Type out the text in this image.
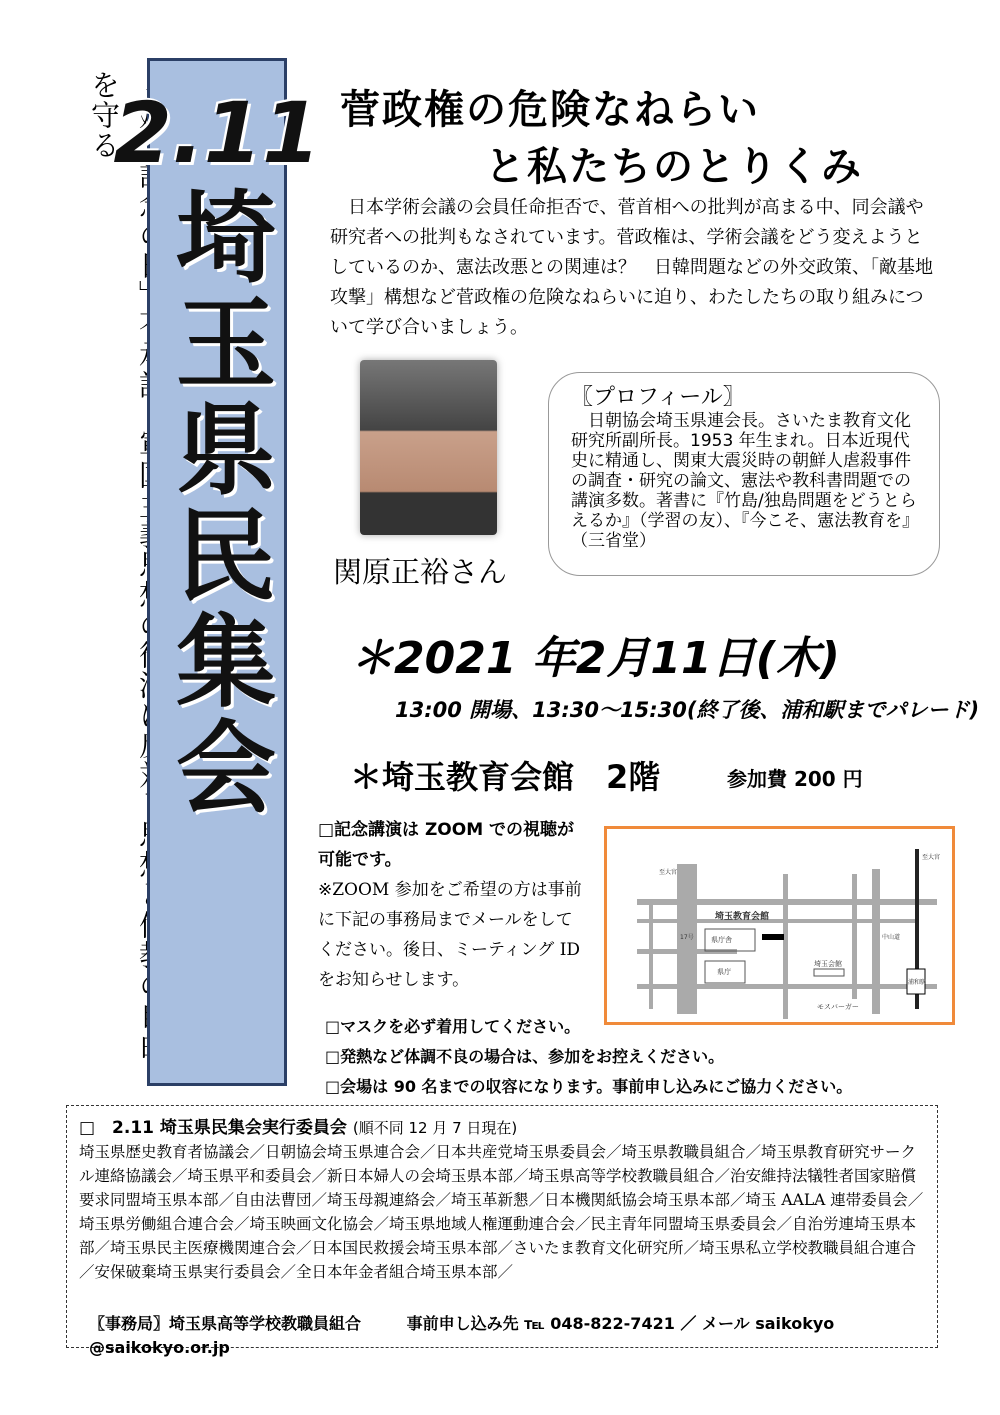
　を守る
2.11
埼玉県民集会
菅政権の危険なねらい
と私たちのとりくみ

日本学術会議の会員任命拒否で、菅首相への批判が高まる中、同会議や研究者への批判もなされています。菅政権は、学術会議をどう変えようとしているのか、憲法改悪との関連は？　日韓問題などの外交政策、「敵基地攻撃」構想など菅政権の危険なねらいに迫り、わたしたちの取り組みについて学び合いましょう。

関原正裕さん
〖プロフィール〗
日朝協会埼玉県連会長。さいたま教育文化研究所副所長。1953 年生まれ。日本近現代史に精通し、関東大震災時の朝鮮人虐殺事件の調査・研究の論文、憲法や教科書問題での講演多数。著書に『竹島/独島問題をどうとらえるか』（学習の友）、『今こそ、憲法教育を』（三省堂）
＊2021 年2月11日(木)
13:00 開場、13:30～15:30(終了後、浦和駅までパレード)
＊埼玉教育会館　2階	参加費 200 円
□記念講演は ZOOM での視聴が可能です。
※ZOOM 参加をご希望の方は事前に下記の事務局までメールをしてください。後日、ミーティング ID をお知らせします。
埼玉教育会館
県庁
県庁舎
埼玉会館
浦和駅
モスバーガー
17号	中山道
至大宮
至大宮
□マスクを必ず着用してください。
□発熱など体調不良の場合は、参加をお控えください。
□会場は 90 名までの収容になります。事前申し込みにご協力ください。
□　2.11 埼玉県民集会実行委員会 (順不同 12 月 7 日現在)
埼玉県歴史教育者協議会／日朝協会埼玉県連合会／日本共産党埼玉県委員会／埼玉県教職員組合／埼玉県教育研究サークル連絡協議会／埼玉県平和委員会／新日本婦人の会埼玉県本部／埼玉県高等学校教職員組合／治安維持法犠牲者国家賠償要求同盟埼玉県本部／自由法曹団／埼玉母親連絡会／埼玉革新懇／日本機関紙協会埼玉県本部／埼玉 AALA 連帯委員会／埼玉県労働組合連合会／埼玉映画文化協会／埼玉県地域人権運動連合会／民主青年同盟埼玉県委員会／自治労連埼玉県本部／埼玉県民主医療機関連合会／日本国民救援会埼玉県本部／さいたま教育文化研究所／埼玉県私立学校教職員組合連合／安保破棄埼玉県実行委員会／全日本年金者組合埼玉県本部／
〖事務局〗埼玉県高等学校教職員組合	事前申し込み先 ℡ 048-822-7421 ／ メール saikokyo @saikokyo.or.jp
